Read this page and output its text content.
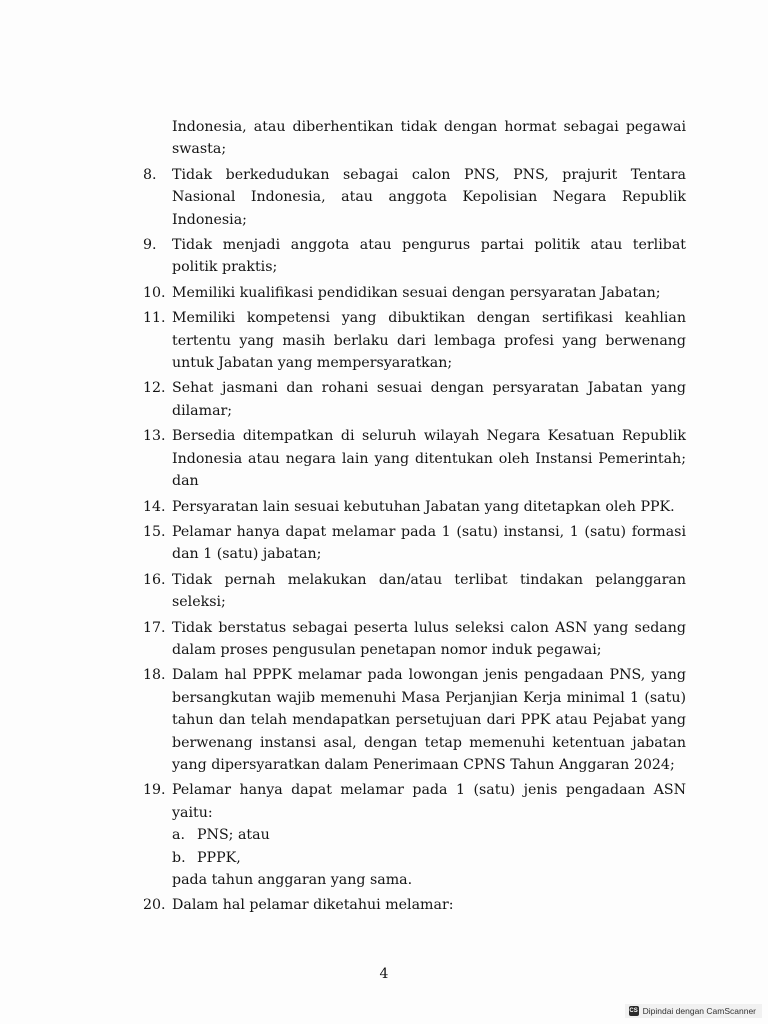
Indonesia, atau diberhentikan tidak dengan hormat sebagai pegawai swasta;
8.	Tidak berkedudukan sebagai calon PNS, PNS, prajurit Tentara Nasional Indonesia, atau anggota Kepolisian Negara Republik Indonesia;
9.	Tidak menjadi anggota atau pengurus partai politik atau terlibat politik praktis;
10. Memiliki kualifikasi pendidikan sesuai dengan persyaratan Jabatan;
11. Memiliki kompetensi yang dibuktikan dengan sertifikasi keahlian tertentu yang masih berlaku dari lembaga profesi yang berwenang untuk Jabatan yang mempersyaratkan;
12. Sehat jasmani dan rohani sesuai dengan persyaratan Jabatan yang dilamar;
13. Bersedia ditempatkan di seluruh wilayah Negara Kesatuan Republik Indonesia atau negara lain yang ditentukan oleh Instansi Pemerintah; dan
14. Persyaratan lain sesuai kebutuhan Jabatan yang ditetapkan oleh PPK.
15. Pelamar hanya dapat melamar pada 1 (satu) instansi, 1 (satu) formasi dan 1 (satu) jabatan;
16. Tidak pernah melakukan dan/atau terlibat tindakan pelanggaran seleksi;
17. Tidak berstatus sebagai peserta lulus seleksi calon ASN yang sedang dalam proses pengusulan penetapan nomor induk pegawai;
18. Dalam hal PPPK melamar pada lowongan jenis pengadaan PNS, yang bersangkutan wajib memenuhi Masa Perjanjian Kerja minimal 1 (satu) tahun dan telah mendapatkan persetujuan dari PPK atau Pejabat yang berwenang instansi asal, dengan tetap memenuhi ketentuan jabatan yang dipersyaratkan dalam Penerimaan CPNS Tahun Anggaran 2024;
19. Pelamar hanya dapat melamar pada 1 (satu) jenis pengadaan ASN yaitu:
a. PNS; atau
b. PPPK,
pada tahun anggaran yang sama.
20. Dalam hal pelamar diketahui melamar:
4
CS Dipindai dengan CamScanner
